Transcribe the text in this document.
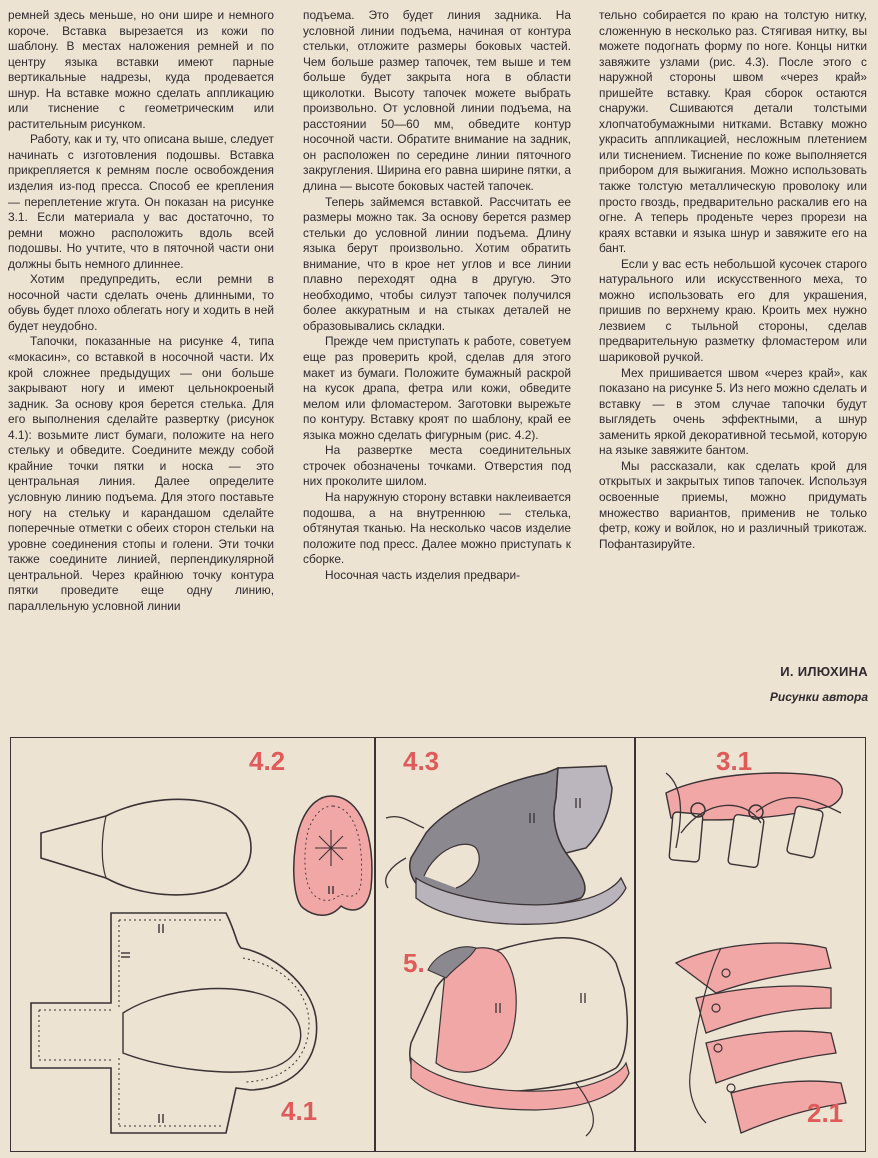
ремней здесь меньше, но они шире и немного короче. Вставка вырезается из кожи по шаблону. В местах наложения ремней и по центру языка вставки имеют парные вертикальные надрезы, куда продевается шнур. На вставке можно сделать аппликацию или тиснение с геометрическим или растительным рисунком.

Работу, как и ту, что описана выше, следует начинать с изготовления подошвы. Вставка прикрепляется к ремням после освобождения изделия из-под пресса. Способ ее крепления — переплетение жгута. Он показан на рисунке 3.1. Если материала у вас достаточно, то ремни можно расположить вдоль всей подошвы. Но учтите, что в пяточной части они должны быть немного длиннее.

Хотим предупредить, если ремни в носочной части сделать очень длинными, то обувь будет плохо облегать ногу и ходить в ней будет неудобно.

Тапочки, показанные на рисунке 4, типа «мокасин», со вставкой в носочной части. Их крой сложнее предыдущих — они больше закрывают ногу и имеют цельнокроеный задник. За основу кроя берется стелька. Для его выполнения сделайте развертку (рисунок 4.1): возьмите лист бумаги, положите на него стельку и обведите. Соедините между собой крайние точки пятки и носка — это центральная линия. Далее определите условную линию подъема. Для этого поставьте ногу на стельку и карандашом сделайте поперечные отметки с обеих сторон стельки на уровне соединения стопы и голени. Эти точки также соедините линией, перпендикулярной центральной. Через крайнюю точку контура пятки проведите еще одну линию, параллельную условной линии

подъема. Это будет линия задника. На условной линии подъема, начиная от контура стельки, отложите размеры боковых частей. Чем больше размер тапочек, тем выше и тем больше будет закрыта нога в области щиколотки. Высоту тапочек можете выбрать произвольно. От условной линии подъема, на расстоянии 50—60 мм, обведите контур носочной части. Обратите внимание на задник, он расположен по середине линии пяточного закругления. Ширина его равна ширине пятки, а длина — высоте боковых частей тапочек.

Теперь займемся вставкой. Рассчитать ее размеры можно так. За основу берется размер стельки до условной линии подъема. Длину языка берут произвольно. Хотим обратить внимание, что в крое нет углов и все линии плавно переходят одна в другую. Это необходимо, чтобы силуэт тапочек получился более аккуратным и на стыках деталей не образовывались складки.

Прежде чем приступать к работе, советуем еще раз проверить крой, сделав для этого макет из бумаги. Положите бумажный раскрой на кусок драпа, фетра или кожи, обведите мелом или фломастером. Заготовки вырежьте по контуру. Вставку кроят по шаблону, край ее языка можно сделать фигурным (рис. 4.2).

На развертке места соединительных строчек обозначены точками. Отверстия под них проколите шилом.

На наружную сторону вставки наклеивается подошва, а на внутреннюю — стелька, обтянутая тканью. На несколько часов изделие положите под пресс. Далее можно приступать к сборке.

Носочная часть изделия предвари-

тельно собирается по краю на толстую нитку, сложенную в несколько раз. Стягивая нитку, вы можете подогнать форму по ноге. Концы нитки завяжите узлами (рис. 4.3). После этого с наружной стороны швом «через край» пришейте вставку. Края сборок остаются снаружи. Сшиваются детали толстыми хлопчатобумажными нитками. Вставку можно украсить аппликацией, несложным плетением или тиснением. Тиснение по коже выполняется прибором для выжигания. Можно использовать также толстую металлическую проволоку или просто гвоздь, предварительно раскалив его на огне. А теперь проденьте через прорези на краях вставки и языка шнур и завяжите его на бант.

Если у вас есть небольшой кусочек старого натурального или искусственного меха, то можно использовать его для украшения, пришив по верхнему краю. Кроить мех нужно лезвием с тыльной стороны, сделав предварительную разметку фломастером или шариковой ручкой.

Мех пришивается швом «через край», как показано на рисунке 5. Из него можно сделать и вставку — в этом случае тапочки будут выглядеть очень эффектными, а шнур заменить яркой декоративной тесьмой, которую на языке завяжите бантом.

Мы рассказали, как сделать крой для открытых и закрытых типов тапочек. Используя освоенные приемы, можно придумать множество вариантов, применив не только фетр, кожу и войлок, но и различный трикотаж. Пофантазируйте.

И. ИЛЮХИНА
Рисунки автора
4.2
4.1
4.3
5.
3.1
2.1
